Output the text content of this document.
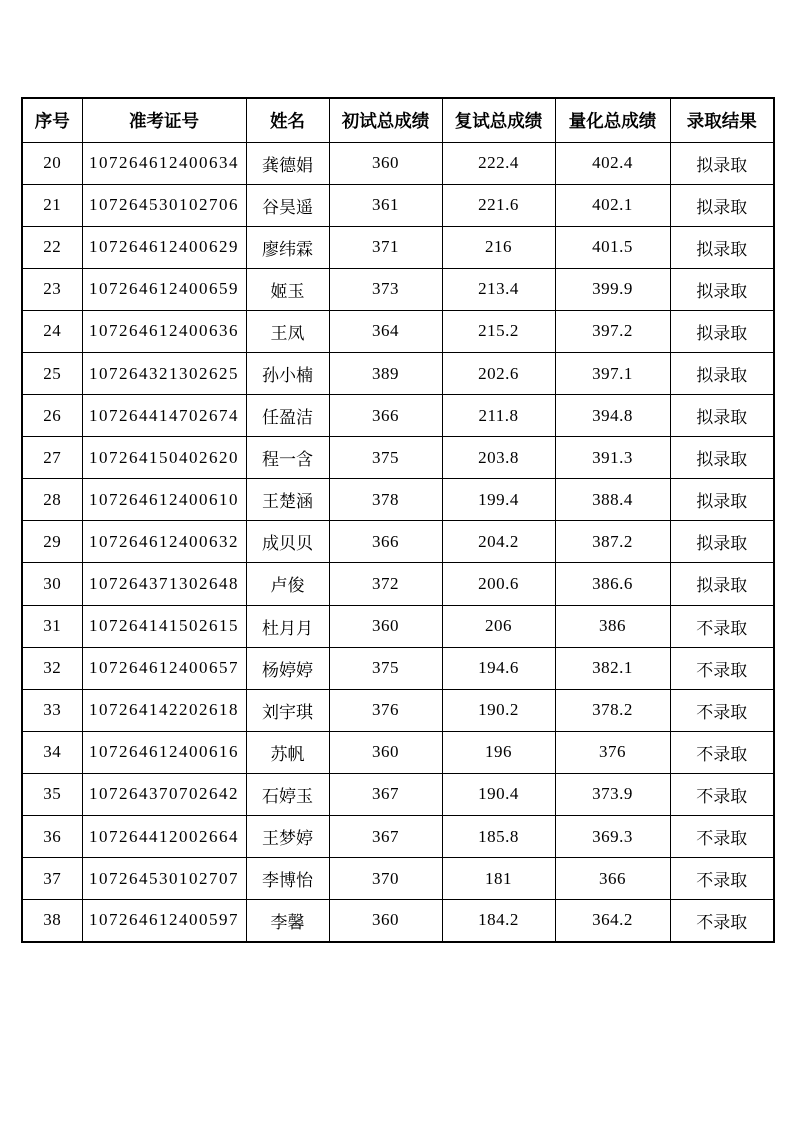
序号	准考证号	姓名	初试总成绩	复试总成绩	量化总成绩	录取结果
20	107264612400634	龚德娟	360	222.4	402.4	拟录取
21	107264530102706	谷昊遥	361	221.6	402.1	拟录取
22	107264612400629	廖纬霖	371	216	401.5	拟录取
23	107264612400659	姬玉	373	213.4	399.9	拟录取
24	107264612400636	王凤	364	215.2	397.2	拟录取
25	107264321302625	孙小楠	389	202.6	397.1	拟录取
26	107264414702674	任盈洁	366	211.8	394.8	拟录取
27	107264150402620	程一含	375	203.8	391.3	拟录取
28	107264612400610	王楚涵	378	199.4	388.4	拟录取
29	107264612400632	成贝贝	366	204.2	387.2	拟录取
30	107264371302648	卢俊	372	200.6	386.6	拟录取
31	107264141502615	杜月月	360	206	386	不录取
32	107264612400657	杨婷婷	375	194.6	382.1	不录取
33	107264142202618	刘宇琪	376	190.2	378.2	不录取
34	107264612400616	苏帆	360	196	376	不录取
35	107264370702642	石婷玉	367	190.4	373.9	不录取
36	107264412002664	王梦婷	367	185.8	369.3	不录取
37	107264530102707	李博怡	370	181	366	不录取
38	107264612400597	李馨	360	184.2	364.2	不录取
